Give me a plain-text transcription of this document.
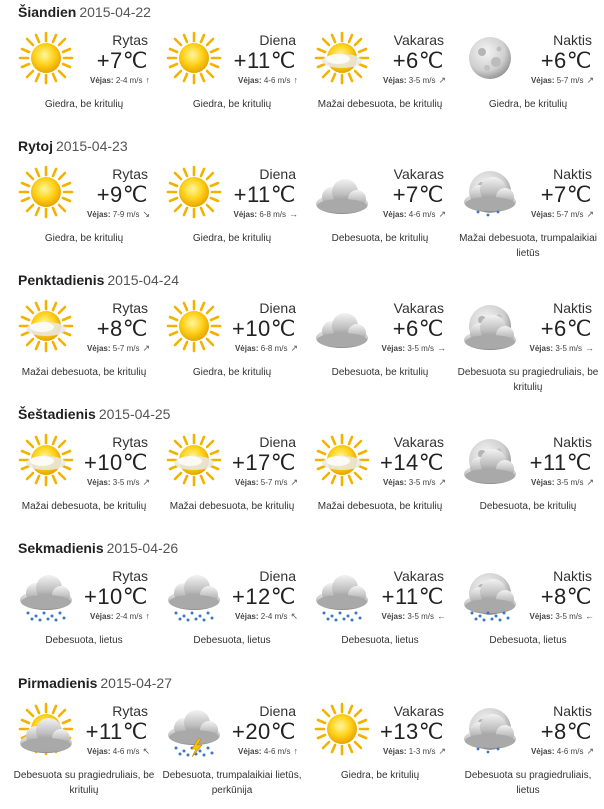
Šiandien 2015-04-22
Rytas
+7℃
Vėjas: 2-4 m/s ↑
Giedra, be kritulių
Diena
+11℃
Vėjas: 4-6 m/s ↑
Giedra, be kritulių
Vakaras
+6℃
Vėjas: 3-5 m/s ↗
Mažai debesuota, be kritulių
Naktis
+6℃
Vėjas: 5-7 m/s ↗
Giedra, be kritulių
Rytoj 2015-04-23
Rytas
+9℃
Vėjas: 7-9 m/s ↘
Giedra, be kritulių
Diena
+11℃
Vėjas: 6-8 m/s →
Giedra, be kritulių
Vakaras
+7℃
Vėjas: 4-6 m/s ↗
Debesuota, be kritulių
Naktis
+7℃
Vėjas: 5-7 m/s ↗
Mažai debesuota, trumpalaikiai lietūs
Penktadienis 2015-04-24
Rytas
+8℃
Vėjas: 5-7 m/s ↗
Mažai debesuota, be kritulių
Diena
+10℃
Vėjas: 6-8 m/s ↗
Giedra, be kritulių
Vakaras
+6℃
Vėjas: 3-5 m/s →
Debesuota, be kritulių
Naktis
+6℃
Vėjas: 3-5 m/s →
Debesuota su pragiedruliais, be kritulių
Šeštadienis 2015-04-25
Rytas
+10℃
Vėjas: 3-5 m/s ↗
Mažai debesuota, be kritulių
Diena
+17℃
Vėjas: 5-7 m/s ↗
Mažai debesuota, be kritulių
Vakaras
+14℃
Vėjas: 3-5 m/s ↗
Mažai debesuota, be kritulių
Naktis
+11℃
Vėjas: 3-5 m/s ↗
Debesuota, be kritulių
Sekmadienis 2015-04-26
Rytas
+10℃
Vėjas: 2-4 m/s ↑
Debesuota, lietus
Diena
+12℃
Vėjas: 2-4 m/s ↖
Debesuota, lietus
Vakaras
+11℃
Vėjas: 3-5 m/s ←
Debesuota, lietus
Naktis
+8℃
Vėjas: 3-5 m/s ←
Debesuota, lietus
Pirmadienis 2015-04-27
Rytas
+11℃
Vėjas: 4-6 m/s ↖
Debesuota su pragiedruliais, be kritulių
Diena
+20℃
Vėjas: 4-6 m/s ↑
Debesuota, trumpalaikiai lietūs, perkūnija
Vakaras
+13℃
Vėjas: 1-3 m/s ↗
Giedra, be kritulių
Naktis
+8℃
Vėjas: 4-6 m/s ↗
Debesuota su pragiedruliais, lietus
